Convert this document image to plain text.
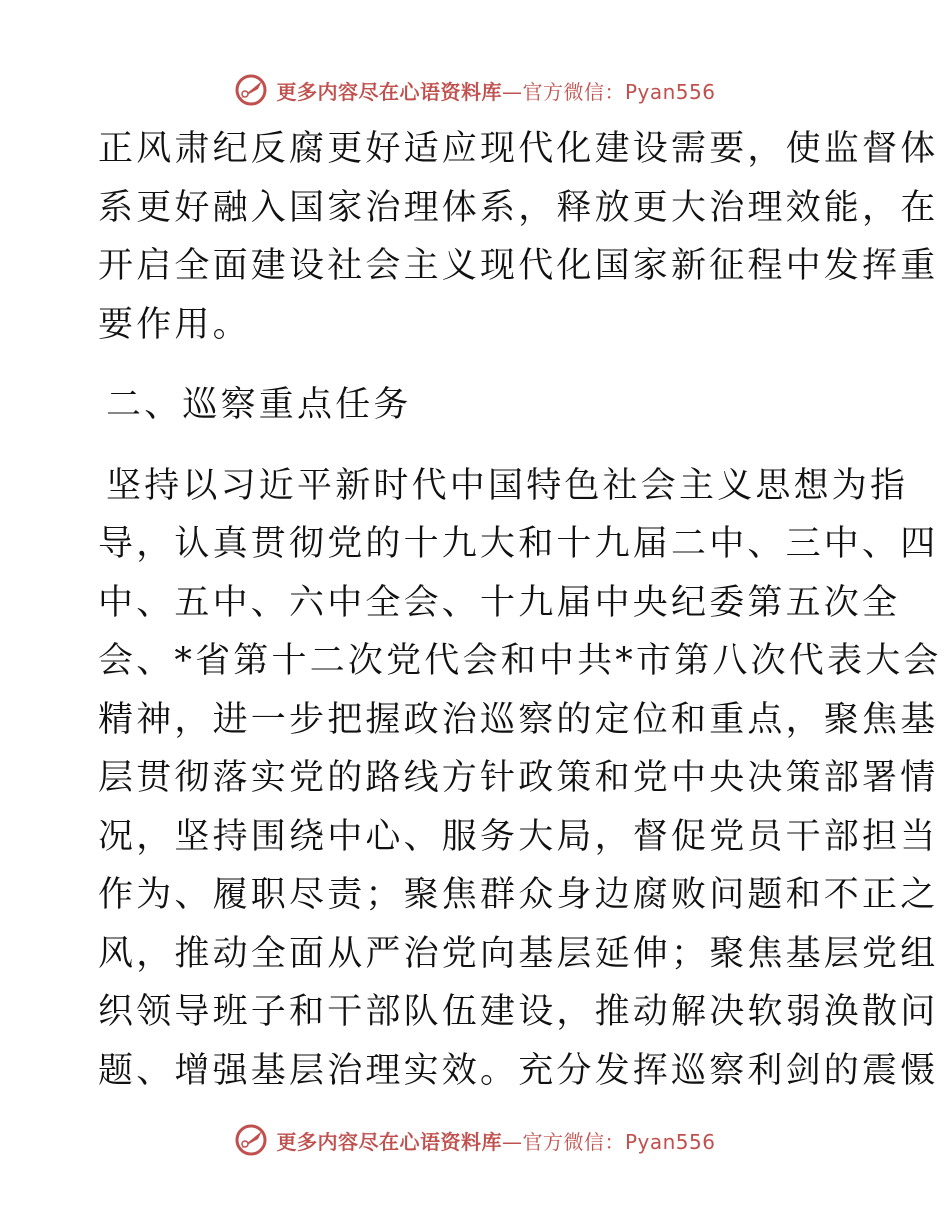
更多内容尽在心语资料库—官方微信：Pyan556
正风肃纪反腐更好适应现代化建设需要，使监督体
系更好融入国家治理体系，释放更大治理效能，在
开启全面建设社会主义现代化国家新征程中发挥重
要作用。
二、巡察重点任务
坚持以习近平新时代中国特色社会主义思想为指
导，认真贯彻党的十九大和十九届二中、三中、四
中、五中、六中全会、十九届中央纪委第五次全
会、*省第十二次党代会和中共*市第八次代表大会
精神，进一步把握政治巡察的定位和重点，聚焦基
层贯彻落实党的路线方针政策和党中央决策部署情
况，坚持围绕中心、服务大局，督促党员干部担当
作为、履职尽责；聚焦群众身边腐败问题和不正之
风，推动全面从严治党向基层延伸；聚焦基层党组
织领导班子和干部队伍建设，推动解决软弱涣散问
题、增强基层治理实效。充分发挥巡察利剑的震慑
更多内容尽在心语资料库—官方微信：Pyan556
